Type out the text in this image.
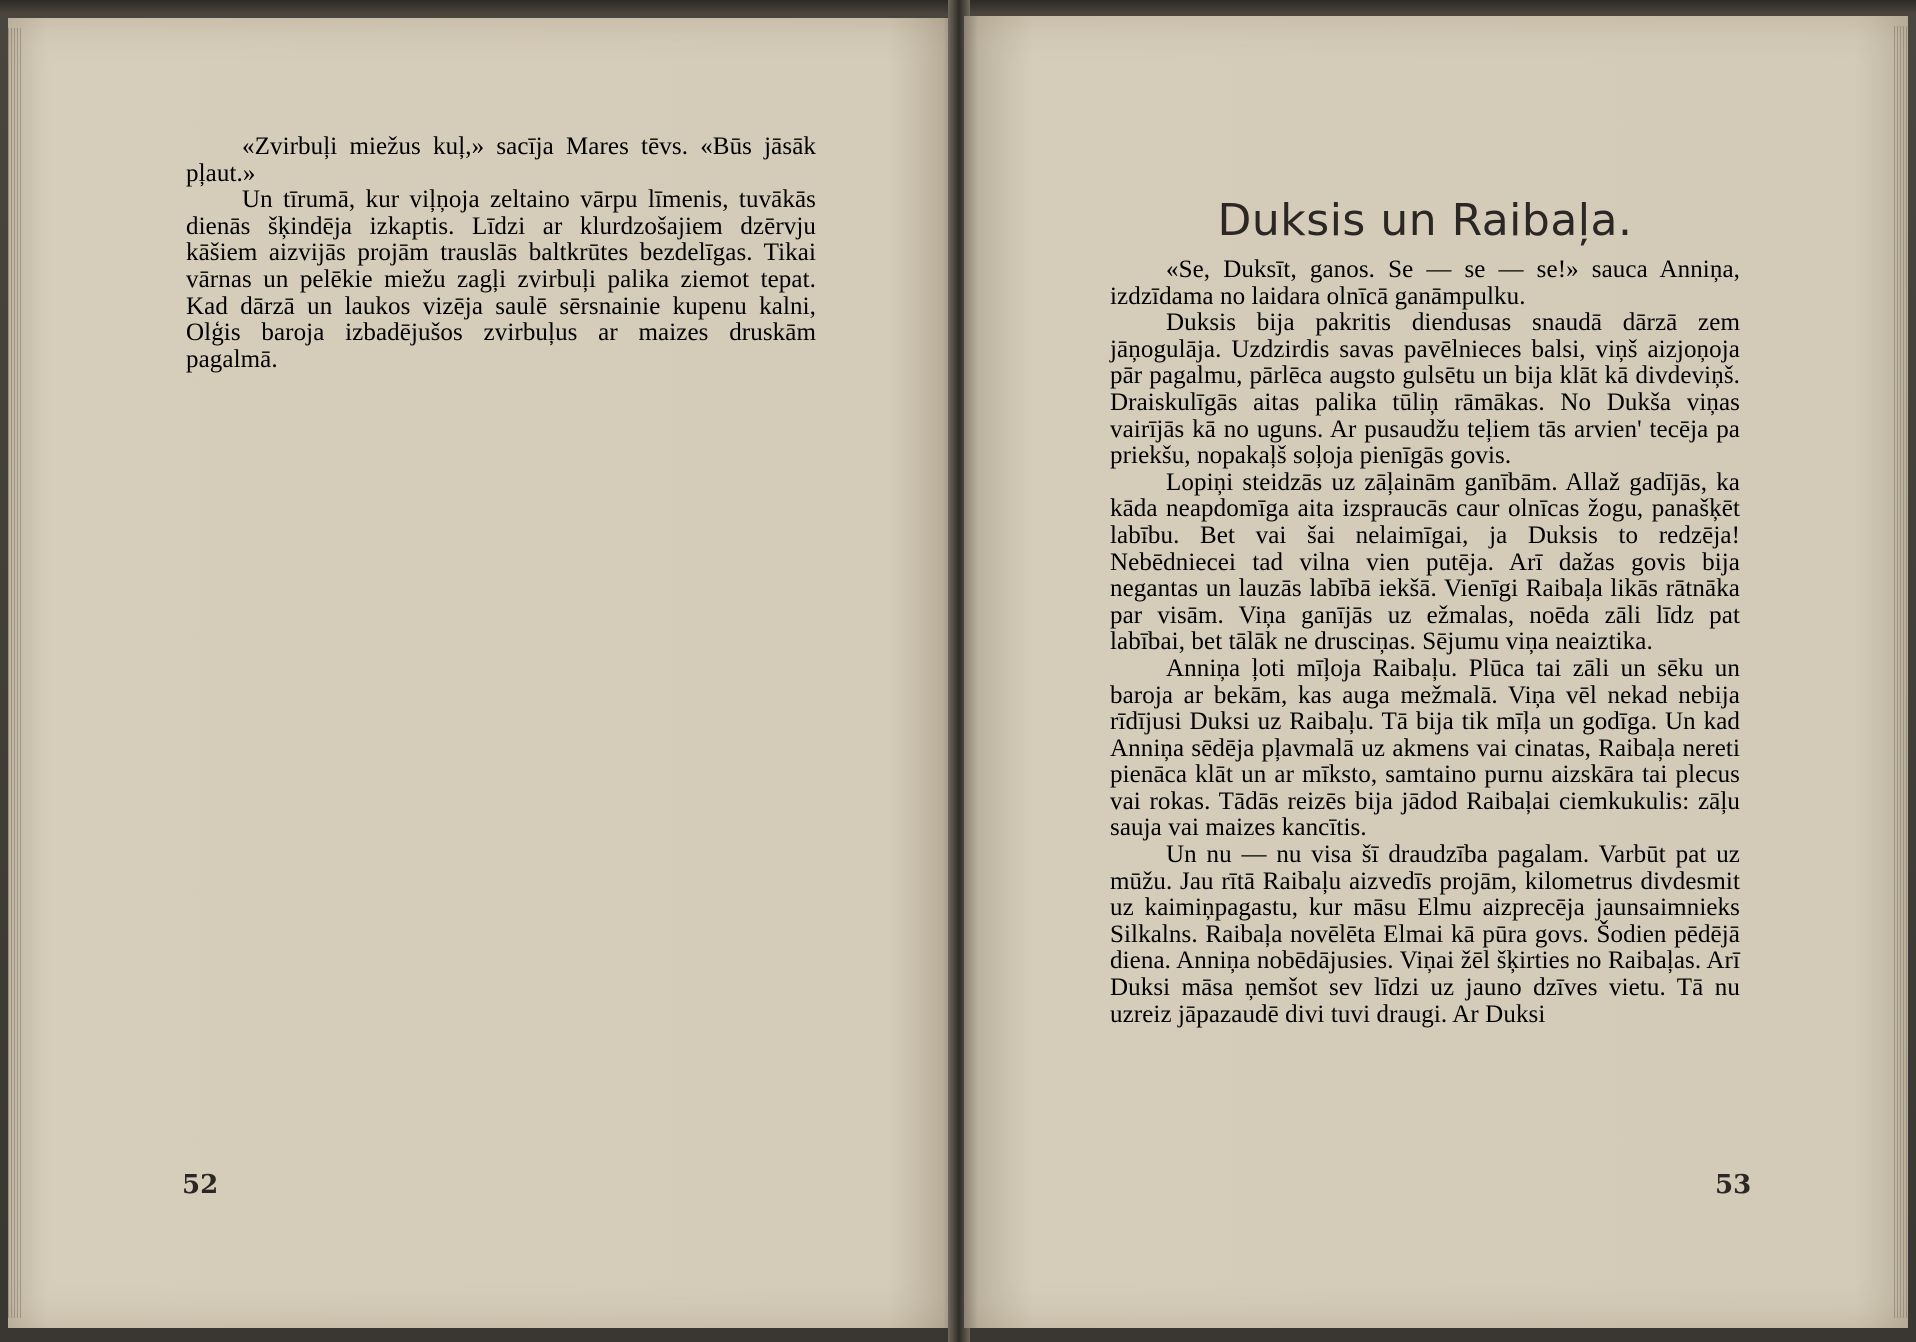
«Zvirbuļi miežus kuļ,» sacīja Mares tēvs. «Būs jāsāk pļaut.»

Un tīrumā, kur viļņoja zeltaino vārpu līmenis, tuvākās dienās šķindēja izkaptis. Līdzi ar klurdzošajiem dzērvju kāšiem aizvijās projām trauslās baltkrūtes bezdelīgas. Tikai vārnas un pelēkie miežu zagļi zvirbuļi palika ziemot tepat. Kad dārzā un laukos vizēja saulē sērsnainie kupenu kalni, Olģis baroja izbadējušos zvirbuļus ar maizes druskām pagalmā.

52
Duksis un Raibaļa.

«Se, Duksīt, ganos. Se — se — se!» sauca Anniņa, izdzīdama no laidara olnīcā ganāmpulku.

Duksis bija pakritis diendusas snaudā dārzā zem jāņogulāja. Uzdzirdis savas pavēlnieces balsi, viņš aizjoņoja pār pagalmu, pārlēca augsto gulsētu un bija klāt kā divdeviņš. Draiskulīgās aitas palika tūliņ rāmākas. No Dukša viņas vairījās kā no uguns. Ar pusaudžu teļiem tās arvien' tecēja pa priekšu, nopakaļš soļoja pienīgās govis.

Lopiņi steidzās uz zāļainām ganībām. Allaž gadījās, ka kāda neapdomīga aita izspraucās caur olnīcas žogu, panašķēt labību. Bet vai šai nelaimīgai, ja Duksis to redzēja! Nebēdniecei tad vilna vien putēja. Arī dažas govis bija negantas un lauzās labībā iekšā. Vienīgi Raibaļa likās rātnāka par visām. Viņa ganījās uz ežmalas, noēda zāli līdz pat labībai, bet tālāk ne drusciņas. Sējumu viņa neaiztika.

Anniņa ļoti mīļoja Raibaļu. Plūca tai zāli un sēku un baroja ar bekām, kas auga mežmalā. Viņa vēl nekad nebija rīdījusi Duksi uz Raibaļu. Tā bija tik mīļa un godīga. Un kad Anniņa sēdēja pļavmalā uz akmens vai cinatas, Raibaļa nereti pienāca klāt un ar mīksto, samtaino purnu aizskāra tai plecus vai rokas. Tādās reizēs bija jādod Raibaļai ciemkukulis: zāļu sauja vai maizes kancītis.

Un nu — nu visa šī draudzība pagalam. Varbūt pat uz mūžu. Jau rītā Raibaļu aizvedīs projām, kilometrus divdesmit uz kaimiņpagastu, kur māsu Elmu aizprecēja jaunsaimnieks Silkalns. Raibaļa novēlēta Elmai kā pūra govs. Šodien pēdējā diena. Anniņa nobēdājusies. Viņai žēl šķirties no Raibaļas. Arī Duksi māsa ņemšot sev līdzi uz jauno dzīves vietu. Tā nu uzreiz jāpazaudē divi tuvi draugi. Ar Duksi

53
